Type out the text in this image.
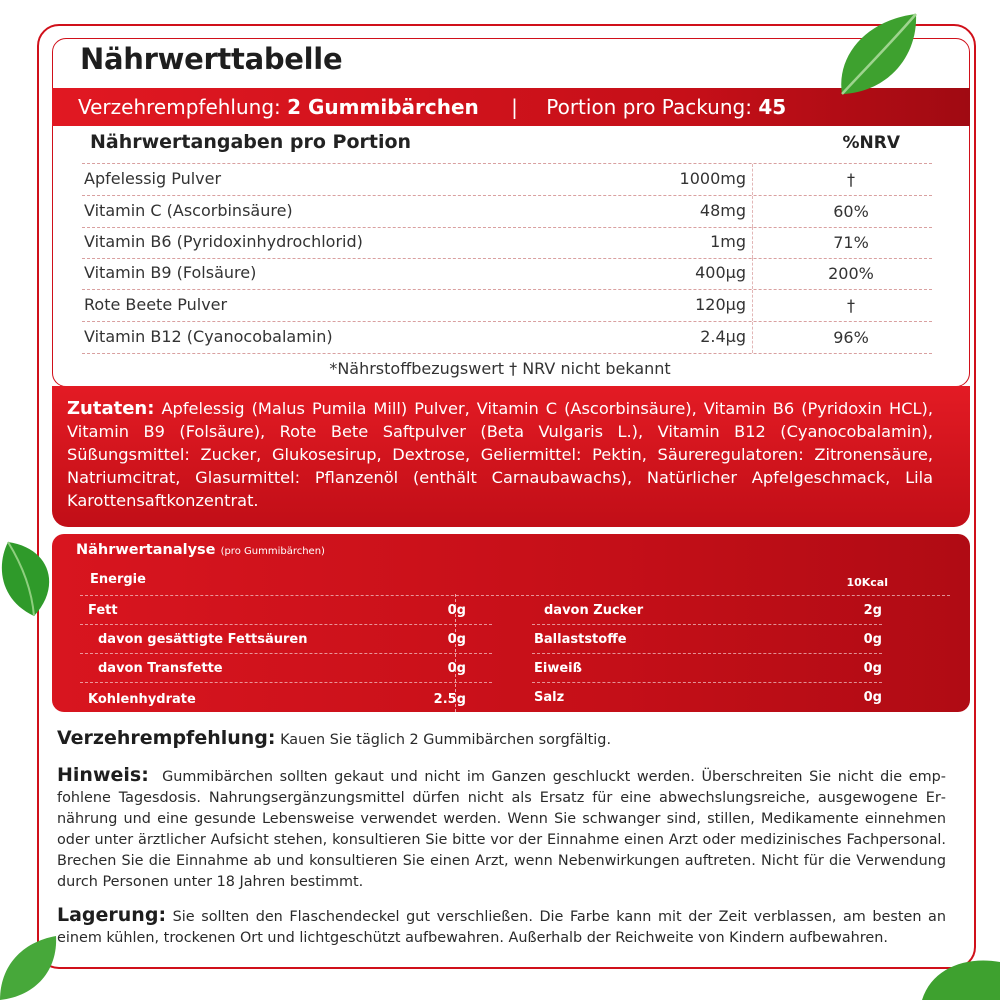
Nährwerttabelle
Verzehrempfehlung: 2 Gummibärchen | Portion pro Packung: 45
Nährwertangaben pro Portion	%NRV
Apfelessig Pulver	1000mg	†
Vitamin C (Ascorbinsäure)	48mg	60%
Vitamin B6 (Pyridoxinhydrochlorid)	1mg	71%
Vitamin B9 (Folsäure)	400µg	200%
Rote Beete Pulver	120µg	†
Vitamin B12 (Cyanocobalamin)	2.4µg	96%
*Nährstoffbezugswert † NRV nicht bekannt
Zutaten: Apfelessig (Malus Pumila Mill) Pulver, Vitamin C (Ascorbinsäure), Vitamin B6 (Pyridoxin HCL), Vitamin B9 (Folsäure), Rote Bete Saftpulver (Beta Vulgaris L.), Vitamin B12 (Cyanocobalamin), Süßungsmittel: Zucker, Glukosesirup, Dextrose, Geliermittel: Pektin, Säureregulatoren: Zitronensäure, Natriumcitrat, Glasurmittel: Pflanzenöl (enthält Carnaubawachs), Natürlicher Apfelgeschmack, Lila Karottensaftkonzentrat.
Nährwertanalyse (pro Gummibärchen)
Energie	10Kcal
Fett	0g
davon gesättigte Fettsäuren	0g
davon Transfette	0g
Kohlenhydrate	2.5g
davon Zucker	2g
Ballaststoffe	0g
Eiweiß	0g
Salz	0g
Verzehrempfehlung: Kauen Sie täglich 2 Gummibärchen sorgfältig.
Hinweis: Gummibärchen sollten gekaut und nicht im Ganzen geschluckt werden. Überschreiten Sie nicht die empfohlene Tagesdosis. Nahrungsergänzungsmittel dürfen nicht als Ersatz für eine abwechslungsreiche, ausgewogene Ernährung und eine gesunde Lebensweise verwendet werden. Wenn Sie schwanger sind, stillen, Medikamente einnehmen oder unter ärztlicher Aufsicht stehen, konsultieren Sie bitte vor der Einnahme einen Arzt oder medizinisches Fachpersonal. Brechen Sie die Einnahme ab und konsultieren Sie einen Arzt, wenn Nebenwirkungen auftreten. Nicht für die Verwendung durch Personen unter 18 Jahren bestimmt.
Lagerung: Sie sollten den Flaschendeckel gut verschließen. Die Farbe kann mit der Zeit verblassen, am besten an einem kühlen, trockenen Ort und lichtgeschützt aufbewahren. Außerhalb der Reichweite von Kindern aufbewahren.
